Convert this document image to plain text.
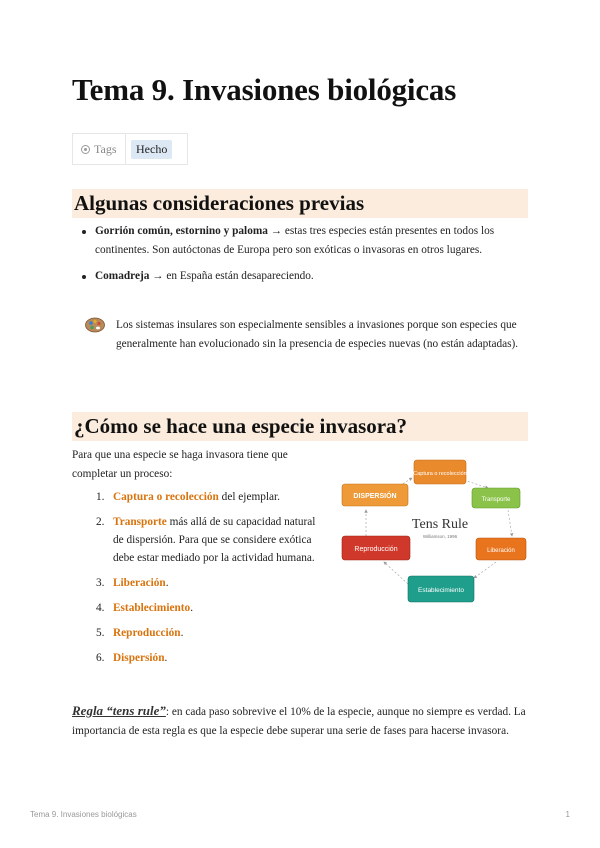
Tema 9. Invasiones biológicas
Tags	Hecho
Algunas consideraciones previas
Gorrión común, estornino y paloma → estas tres especies están presentes en todos los continentes. Son autóctonas de Europa pero son exóticas o invasoras en otros lugares.
Comadreja → en España están desapareciendo.
Los sistemas insulares son especialmente sensibles a invasiones porque son especies que generalmente han evolucionado sin la presencia de especies nuevas (no están adaptadas).
¿Cómo se hace una especie invasora?

Para que una especie se haga invasora tiene que completar un proceso:

1. Captura o recolección del ejemplar.
2. Transporte más allá de su capacidad natural de dispersión. Para que se considere exótica debe estar mediado por la actividad humana.
3. Liberación.
4. Establecimiento.
5. Reproducción.
6. Dispersión.
Captura o recolección
Transporte
Liberación
Establecimiento
Reproducción
DISPERSIÓN
Tens Rule
Williamson, 1996

Regla “tens rule”: en cada paso sobrevive el 10% de la especie, aunque no siempre es verdad. La importancia de esta regla es que la especie debe superar una serie de fases para hacerse invasora.

Tema 9. Invasiones biológicas	1
